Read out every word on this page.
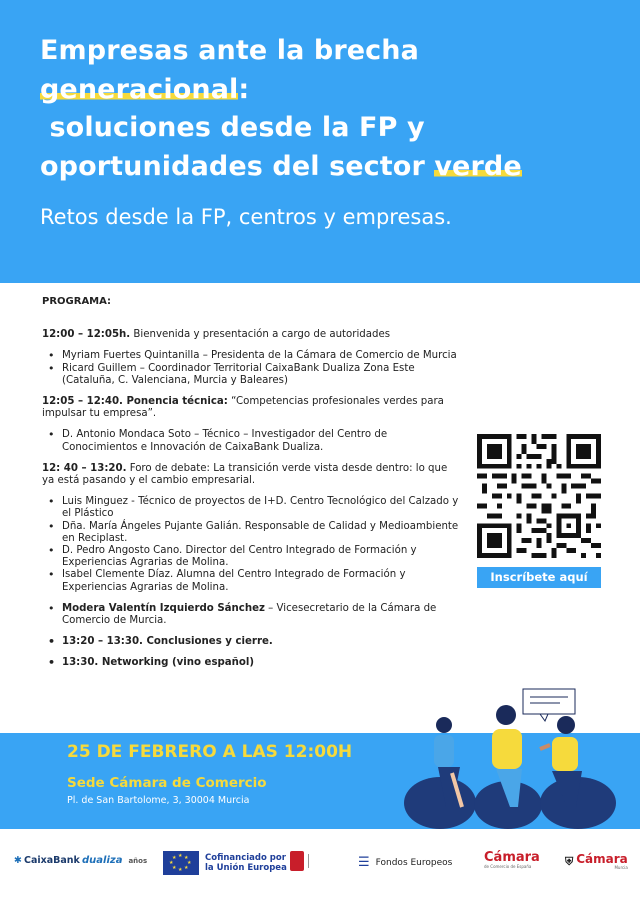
Empresas ante la brecha
generacional:
soluciones desde la FP y
oportunidades del sector verde
Retos desde la FP, centros y empresas.
PROGRAMA:
12:00 – 12:05h. Bienvenida y presentación a cargo de autoridades
• Myriam Fuertes Quintanilla – Presidenta de la Cámara de Comercio de Murcia
• Ricard Guillem – Coordinador Territorial CaixaBank Dualiza Zona Este (Cataluña, C. Valenciana, Murcia y Baleares)
12:05 – 12:40. Ponencia técnica: “Competencias profesionales verdes para impulsar tu empresa”.
• D. Antonio Mondaca Soto – Técnico – Investigador del Centro de Conocimientos e Innovación de CaixaBank Dualiza.
12: 40 – 13:20. Foro de debate: La transición verde vista desde dentro: lo que ya está pasando y el cambio empresarial.
• Luis Minguez - Técnico de proyectos de I+D. Centro Tecnológico del Calzado y el Plástico
• Dña. María Ángeles Pujante Galián. Responsable de Calidad y Medioambiente en Reciplast.
• D. Pedro Angosto Cano. Director del Centro Integrado de Formación y Experiencias Agrarias de Molina.
• Isabel Clemente Díaz. Alumna del Centro Integrado de Formación y Experiencias Agrarias de Molina.
• Modera Valentín Izquierdo Sánchez – Vicesecretario de la Cámara de Comercio de Murcia.
• 13:20 – 13:30. Conclusiones y cierre.
• 13:30. Networking (vino español)
Inscríbete aquí
25 DE FEBRERO A LAS 12:00H
Sede Cámara de Comercio
Pl. de San Bartolome, 3, 30004 Murcia
✱ CaixaBank dualiza años
★ ★
★
★
★
★
★
★	Cofinanciado por
la Unión Europea	☰ Fondos Europeos Cámara
de Comercio de España	⛨ Cámara
Murcia
